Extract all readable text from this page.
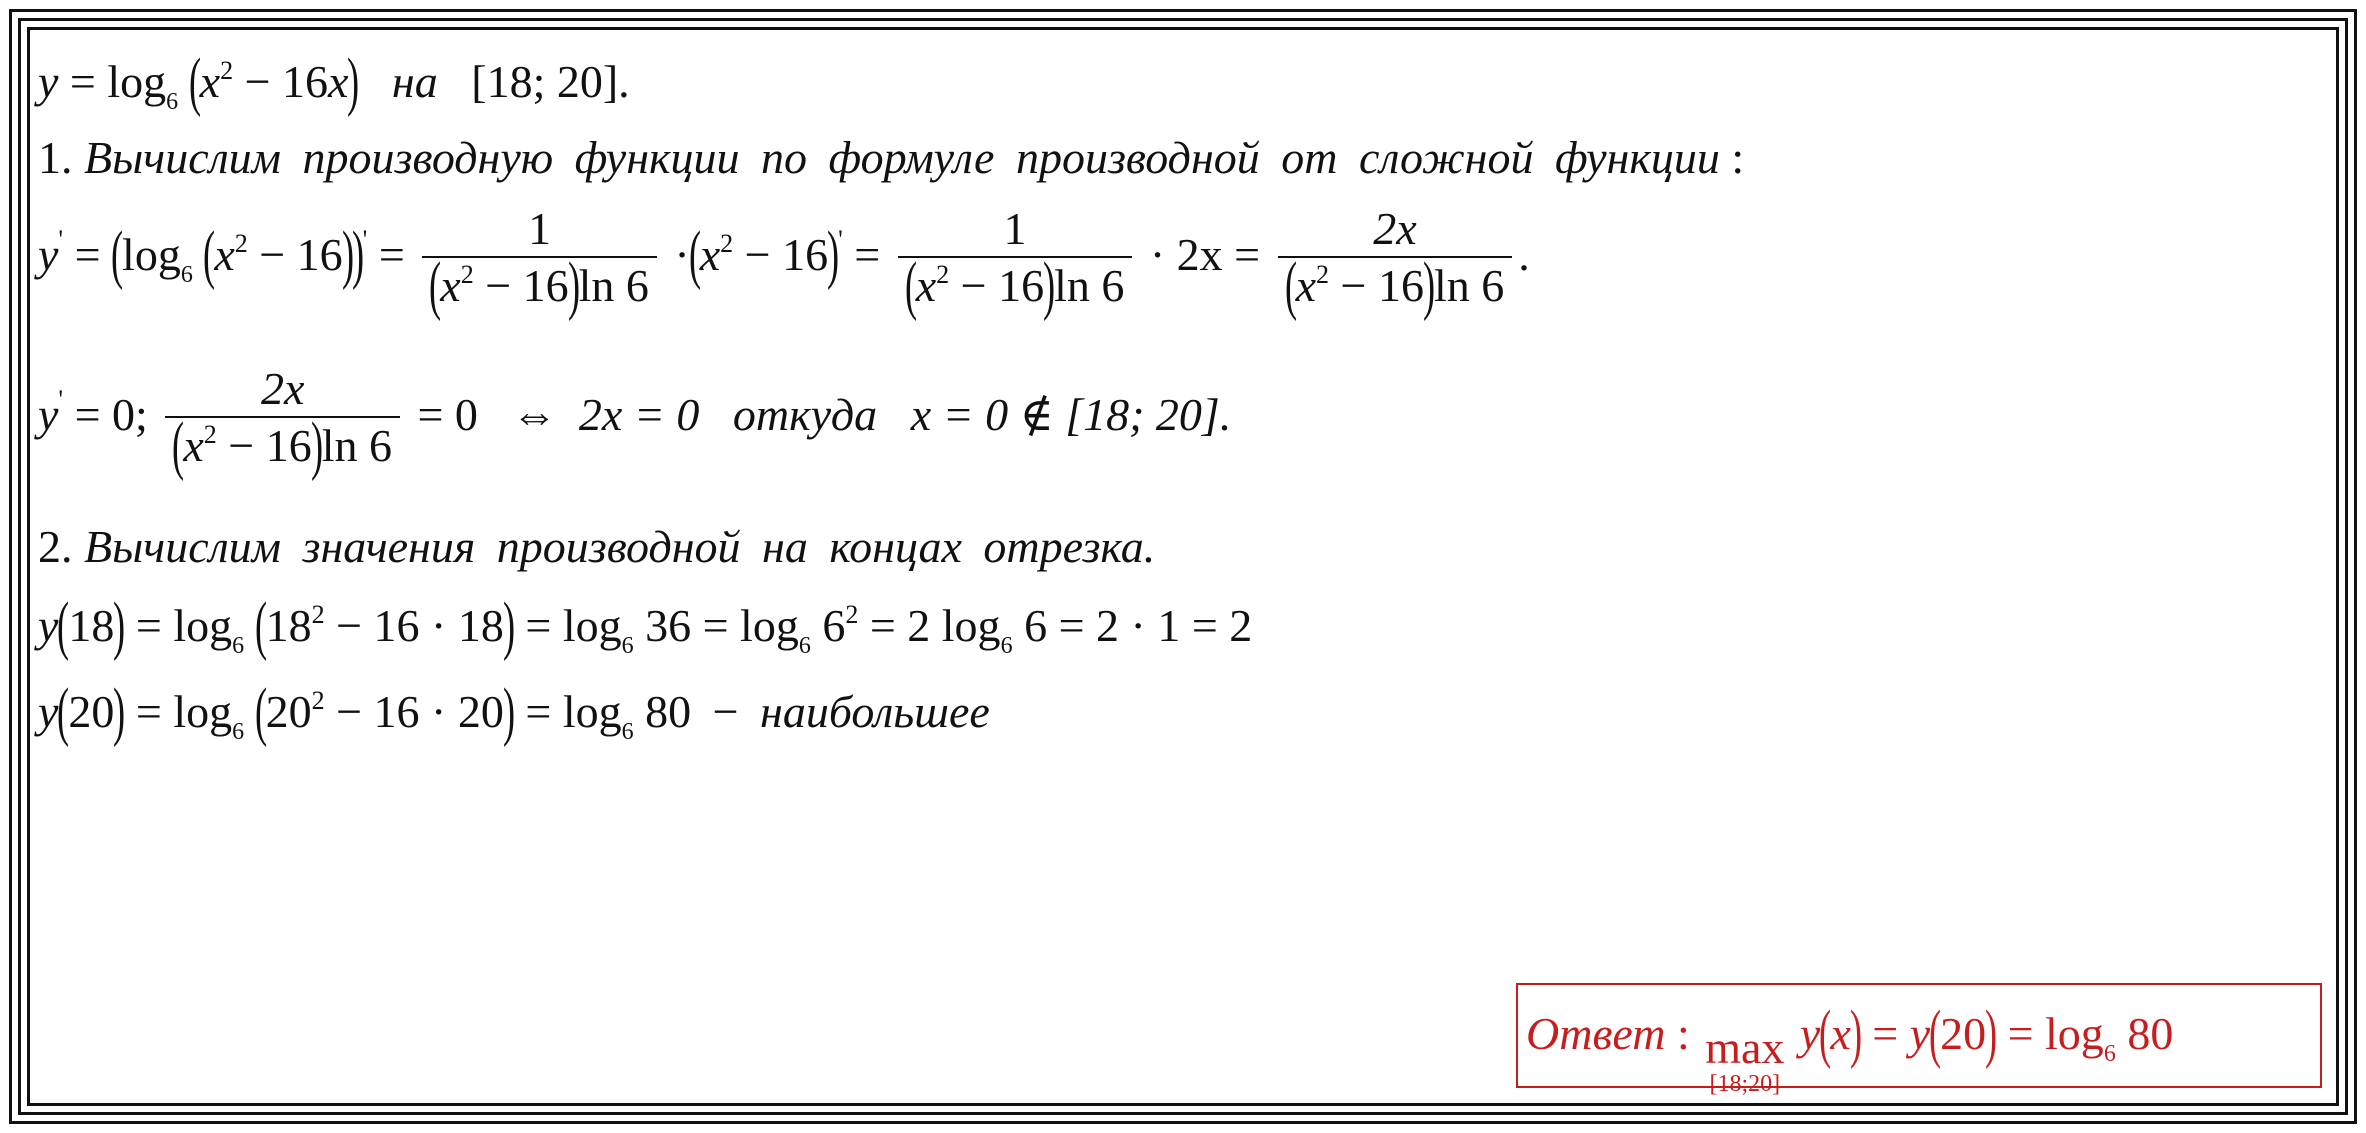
$y = \log_6 (x^2 - 16x)$ на [18; 20].
1. Вычислим производную функции по формуле производной от сложной функции :
$y' = (\log_6$ $(x^2 - 16))' = \frac{1}{(x^2 - 16)\ln 6} \cdot(x^2 - 16)' = \frac{1}{(x^2 - 16)\ln 6} \cdot 2x = \frac{2x}{(x^2 - 16)\ln 6}$ .
y' = 0; $\frac{2x}{(x^2 - 16)\ln 6} = 0$ ⇔ 2x = 0 откуда x = 0 ∉ [18; 20].
2. Вычислим значения производной на концах отрезка.
$y(18) = \log_6 (18^2 - 16 \cdot 18) = \log_6 36 = \log_6 6^2 = 2$ $\log_6 6 = 2 \cdot 1 = 2$
$y(20) = \log_6 (20^2 - 16 \cdot 20) = \log_6 80$ − наибольшее
Ответ : max
[18;20]
$y(x) = y(20) = \log_6 80$
